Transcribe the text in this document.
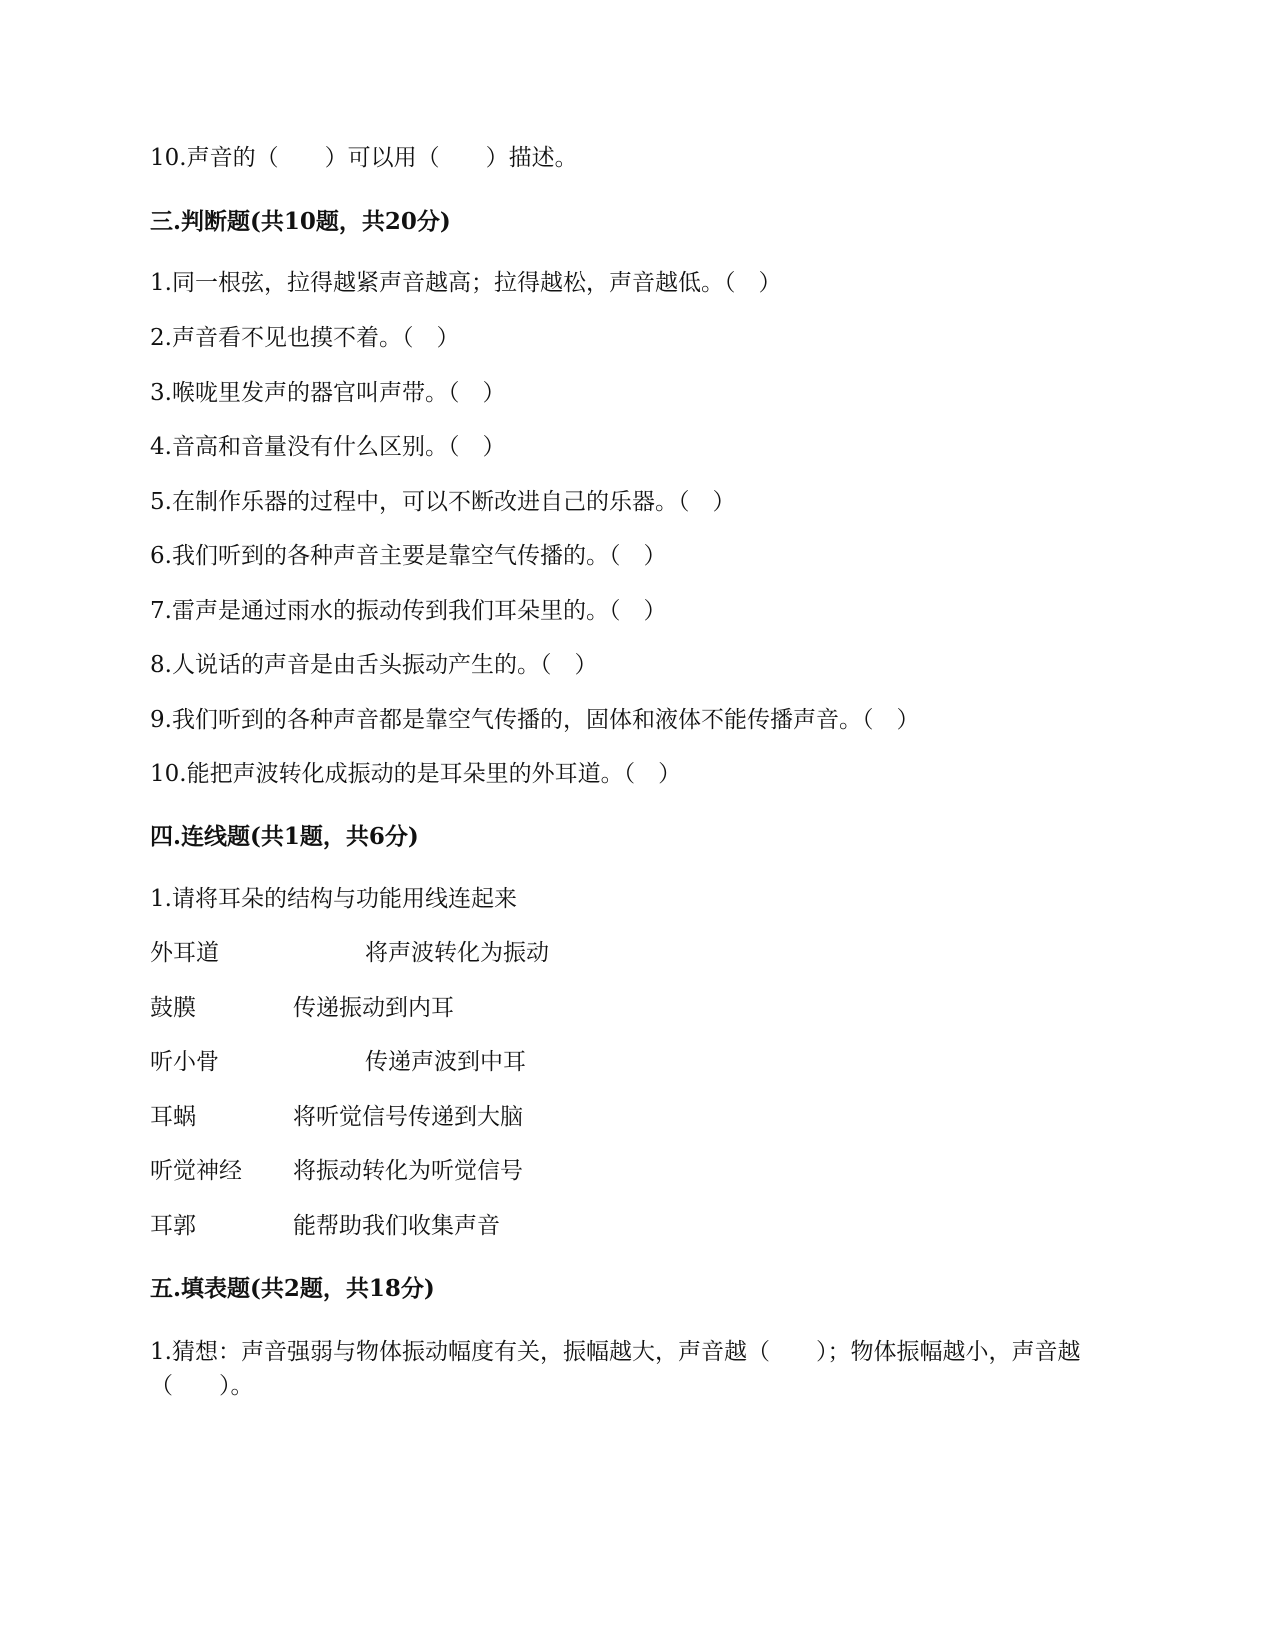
10.声音的（　　）可以用（　　）描述。
三.判断题(共10题，共20分)
1.同一根弦，拉得越紧声音越高；拉得越松，声音越低。（　）
2.声音看不见也摸不着。（　）
3.喉咙里发声的器官叫声带。（　）
4.音高和音量没有什么区别。（　）
5.在制作乐器的过程中，可以不断改进自己的乐器。（　）
6.我们听到的各种声音主要是靠空气传播的。（　）
7.雷声是通过雨水的振动传到我们耳朵里的。（　）
8.人说话的声音是由舌头振动产生的。（　）
9.我们听到的各种声音都是靠空气传播的，固体和液体不能传播声音。（　）
10.能把声波转化成振动的是耳朵里的外耳道。（　）
四.连线题(共1题，共6分)
1.请将耳朵的结构与功能用线连起来
外耳道	将声波转化为振动
鼓膜	传递振动到内耳
听小骨	传递声波到中耳
耳蜗	将听觉信号传递到大脑
听觉神经 将振动转化为听觉信号
耳郭	能帮助我们收集声音
五.填表题(共2题，共18分)
1.猜想：声音强弱与物体振动幅度有关，振幅越大，声音越（　　）；物体振幅越小，声音越（　　）。
